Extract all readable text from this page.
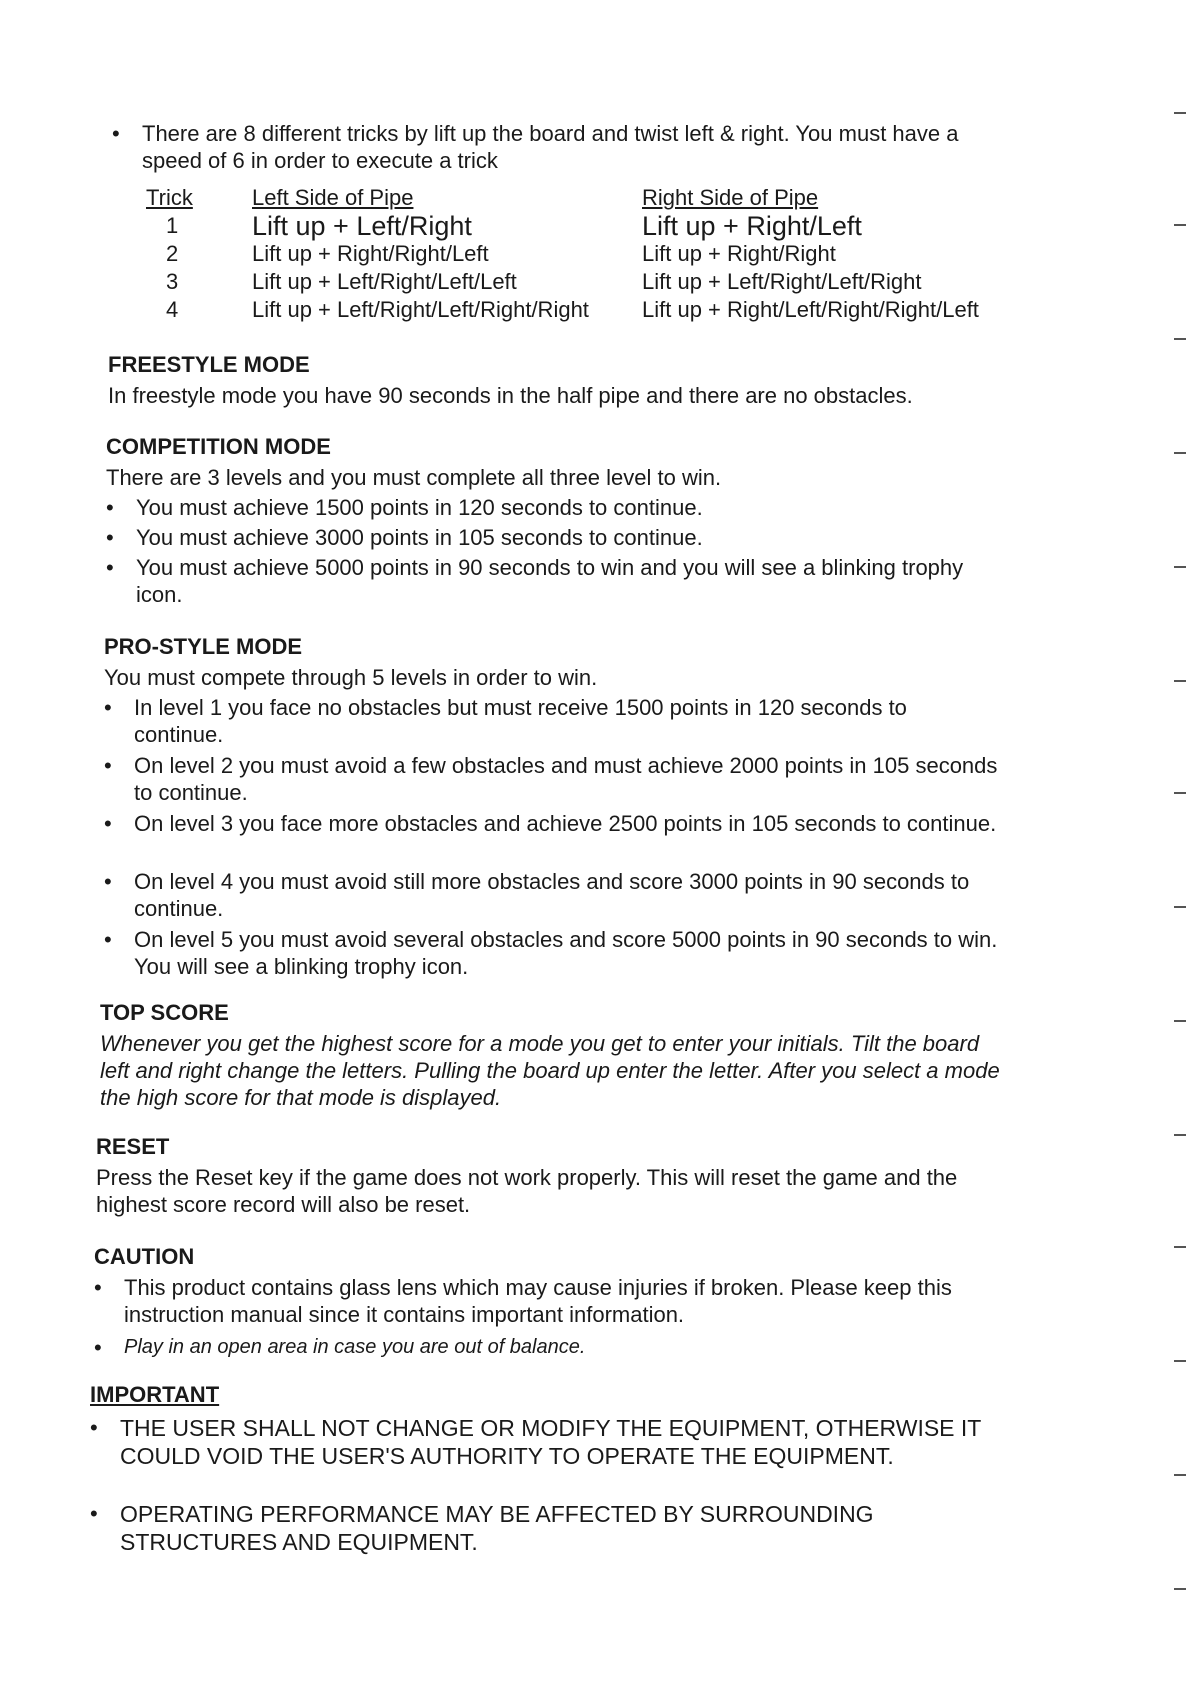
•	There are 8 different tricks by lift up the board and twist left & right. You must have a speed of 6 in order to execute a trick
Trick	Left Side of Pipe	Right Side of Pipe
1	Lift up + Left/Right	Lift up + Right/Left
2	Lift up + Right/Right/Left	Lift up + Right/Right
3	Lift up + Left/Right/Left/Left	Lift up + Left/Right/Left/Right
4	Lift up + Left/Right/Left/Right/Right	Lift up + Right/Left/Right/Right/Left
FREESTYLE MODE

In freestyle mode you have 90 seconds in the half pipe and there are no obstacles.

COMPETITION MODE

There are 3 levels and you must complete all three level to win.

•	You must achieve 1500 points in 120 seconds to continue.
•	You must achieve 3000 points in 105 seconds to continue.
•	You must achieve 5000 points in 90 seconds to win and you will see a blinking trophy icon.
PRO-STYLE MODE

You must compete through 5 levels in order to win.

•	In level 1 you face no obstacles but must receive 1500 points in 120 seconds to continue.
•	On level 2 you must avoid a few obstacles and must achieve 2000 points in 105 seconds to continue.
•	On level 3 you face more obstacles and achieve 2500 points in 105 seconds to continue.
•	On level 4 you must avoid still more obstacles and score 3000 points in 90 seconds to continue.
•	On level 5 you must avoid several obstacles and score 5000 points in 90 seconds to win. You will see a blinking trophy icon.
TOP SCORE

Whenever you get the highest score for a mode you get to enter your initials. Tilt the board left and right change the letters. Pulling the board up enter the letter. After you select a mode the high score for that mode is displayed.

RESET

Press the Reset key if the game does not work properly. This will reset the game and the highest score record will also be reset.

CAUTION
•	This product contains glass lens which may cause injuries if broken. Please keep this instruction manual since it contains important information.
•	Play in an open area in case you are out of balance.
IMPORTANT
• THE USER SHALL NOT CHANGE OR MODIFY THE EQUIPMENT, OTHERWISE IT COULD VOID THE USER'S AUTHORITY TO OPERATE THE EQUIPMENT.
• OPERATING PERFORMANCE MAY BE AFFECTED BY SURROUNDING STRUCTURES AND EQUIPMENT.
